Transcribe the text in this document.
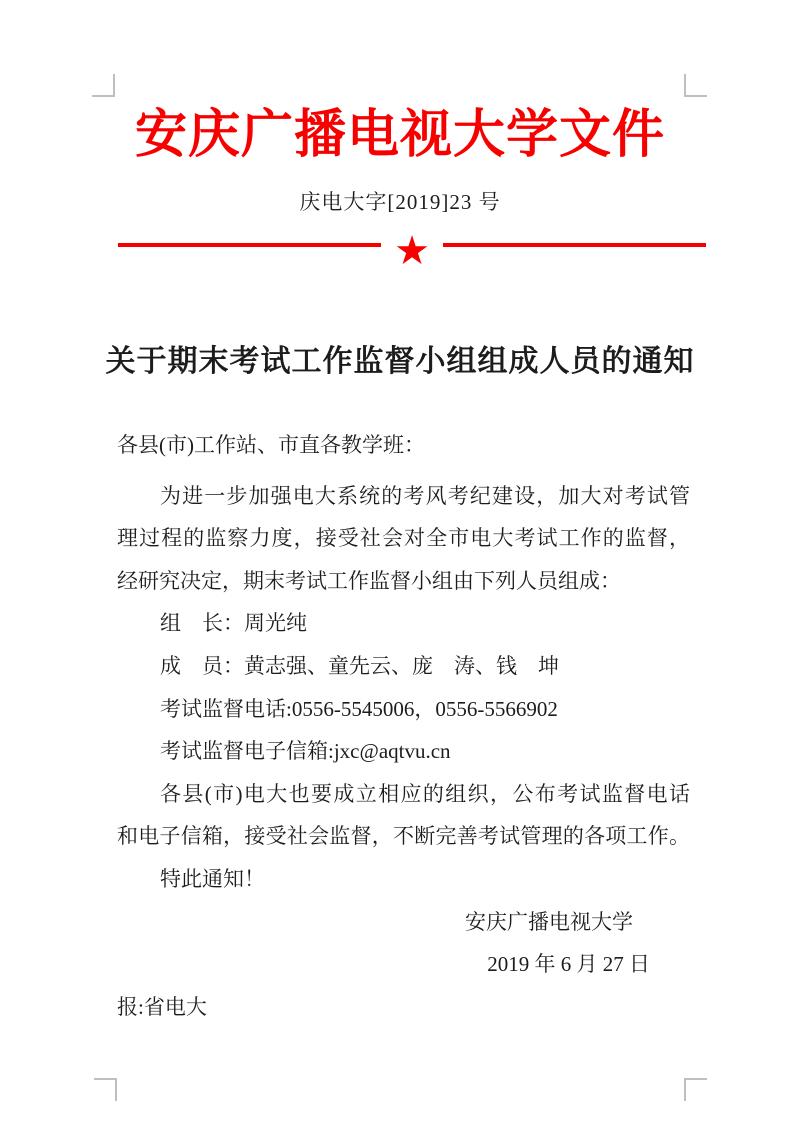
安庆广播电视大学文件
庆电大字[2019]23 号
★
关于期末考试工作监督小组组成人员的通知
各县(市)工作站、市直各教学班：
为进一步加强电大系统的考风考纪建设，加大对考试管
理过程的监察力度，接受社会对全市电大考试工作的监督，
经研究决定，期末考试工作监督小组由下列人员组成：
组　长：周光纯
成　员：黄志强、童先云、庞　涛、钱　坤
考试监督电话:0556-5545006，0556-5566902
考试监督电子信箱:jxc@aqtvu.cn
各县(市)电大也要成立相应的组织，公布考试监督电话
和电子信箱，接受社会监督，不断完善考试管理的各项工作。
特此通知！
安庆广播电视大学
2019 年 6 月 27 日
报:省电大
